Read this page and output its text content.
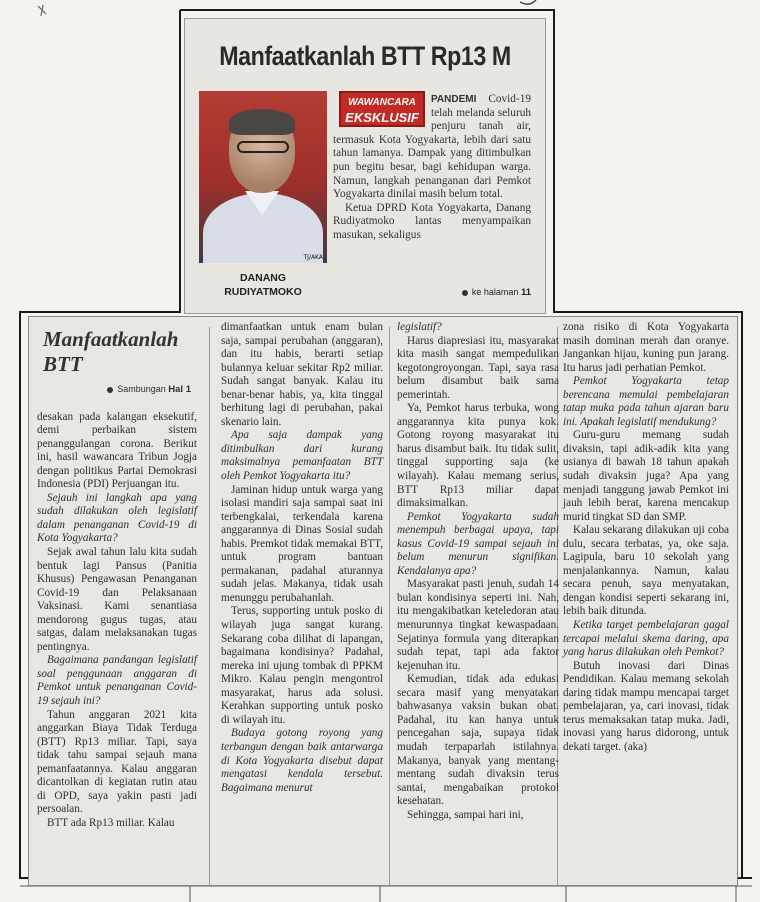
Manfaatkanlah BTT Rp13 M
TJ/AKA
DANANG
RUDIYATMOKO

PANDEMI Covid-19 telah melanda seluruh penjuru tanah air, termasuk Kota Yogyakarta, lebih dari satu tahun lamanya. Dampak yang ditimbulkan pun begitu besar, bagi kehidupan warga. Namun, langkah penanganan dari Pemkot Yogyakarta dinilai masih belum total.

Ketua DPRD Kota Yogyakarta, Danang Rudiyatmoko lantas menyampaikan masukan, sekaligus

WAWANCARA
EKSKLUSIF
ke halaman 11
Manfaatkanlah
BTT
Sambungan Hal 1

desakan pada kalangan eksekutif, demi perbaikan sistem penanggulangan corona. Berikut ini, hasil wawancara Tribun Jogja dengan politikus Partai Demokrasi Indonesia (PDI) Perjuangan itu.

Sejauh ini langkah apa yang sudah dilakukan oleh legislatif dalam penanganan Covid-19 di Kota Yogyakarta?

Sejak awal tahun lalu kita sudah bentuk lagi Pansus (Panitia Khusus) Pengawasan Penanganan Covid-19 dan Pelaksanaan Vaksinasi. Kami senantiasa mendorong gugus tugas, atau satgas, dalam melaksanakan tugas pentingnya.

Bagaimana pandangan legislatif soal penggunaan anggaran di Pemkot untuk penanganan Covid-19 sejauh ini?

Tahun anggaran 2021 kita anggarkan Biaya Tidak Terduga (BTT) Rp13 miliar. Tapi, saya tidak tahu sampai sejauh mana pemanfaatannya. Kalau anggaran dicantolkan di kegiatan rutin atau di OPD, saya yakin pasti jadi persoalan.

BTT ada Rp13 miliar. Kalau

dimanfaatkan untuk enam bulan saja, sampai perubahan (anggaran), dan itu habis, berarti setiap bulannya keluar sekitar Rp2 miliar. Sudah sangat banyak. Kalau itu benar-benar habis, ya, kita tinggal berhitung lagi di perubahan, pakai skenario lain.

Apa saja dampak yang ditimbulkan dari kurang maksimalnya pemanfaatan BTT oleh Pemkot Yogyakarta itu?

Jaminan hidup untuk warga yang isolasi mandiri saja sampai saat ini terbengkalai, terkendala karena anggarannya di Dinas Sosial sudah habis. Premkot tidak memakai BTT, untuk program bantuan permakanan, padahal aturannya sudah jelas. Makanya, tidak usah menunggu perubahanlah.

Terus, supporting untuk posko di wilayah juga sangat kurang. Sekarang coba dilihat di lapangan, bagaimana kondisinya? Padahal, mereka ini ujung tombak di PPKM Mikro. Kalau pengin mengontrol masyarakat, harus ada solusi. Kerahkan supporting untuk posko di wilayah itu.

Budaya gotong royong yang terbangun dengan baik antarwarga di Kota Yogyakarta disebut dapat mengatasi kendala tersebut. Bagaimana menurut

legislatif?

Harus diapresiasi itu, masyarakat kita masih sangat mempedulikan kegotongroyongan. Tapi, saya rasa belum disambut baik sama pemerintah.

Ya, Pemkot harus terbuka, wong anggarannya kita punya kok. Gotong royong masyarakat itu harus disambut baik. Itu tidak sulit, tinggal supporting saja (ke wilayah). Kalau memang serius, BTT Rp13 miliar dapat dimaksimalkan.

Pemkot Yogyakarta sudah menempuh berbagai upaya, tapi kasus Covid-19 sampai sejauh ini belum menurun signifikan. Kendalanya apa?

Masyarakat pasti jenuh, sudah 14 bulan kondisinya seperti ini. Nah, itu mengakibatkan keteledoran atau menurunnya tingkat kewaspadaan. Sejatinya formula yang diterapkan sudah tepat, tapi ada faktor kejenuhan itu.

Kemudian, tidak ada edukasi secara masif yang menyatakan bahwasanya vaksin bukan obat. Padahal, itu kan hanya untuk pencegahan saja, supaya tidak mudah terpaparlah istilahnya. Makanya, banyak yang mentang-mentang sudah divaksin terus santai, mengabaikan protokol kesehatan.

Sehingga, sampai hari ini,

zona risiko di Kota Yogyakarta masih dominan merah dan oranye. Jangankan hijau, kuning pun jarang. Itu harus jadi perhatian Pemkot.

Pemkot Yogyakarta tetap berencana memulai pembelajaran tatap muka pada tahun ajaran baru ini. Apakah legislatif mendukung?

Guru-guru memang sudah divaksin, tapi adik-adik kita yang usianya di bawah 18 tahun apakah sudah divaksin juga? Apa yang menjadi tanggung jawab Pemkot ini jauh lebih berat, karena mencakup murid tingkat SD dan SMP.

Kalau sekarang dilakukan uji coba dulu, secara terbatas, ya, oke saja. Lagipula, baru 10 sekolah yang menjalankannya. Namun, kalau secara penuh, saya menyatakan, dengan kondisi seperti sekarang ini, lebih baik ditunda.

Ketika target pembelajaran gagal tercapai melalui skema daring, apa yang harus dilakukan oleh Pemkot?

Butuh inovasi dari Dinas Pendidikan. Kalau memang sekolah daring tidak mampu mencapai target pembelajaran, ya, cari inovasi, tidak terus memaksakan tatap muka. Jadi, inovasi yang harus didorong, untuk dekati target. (aka)
